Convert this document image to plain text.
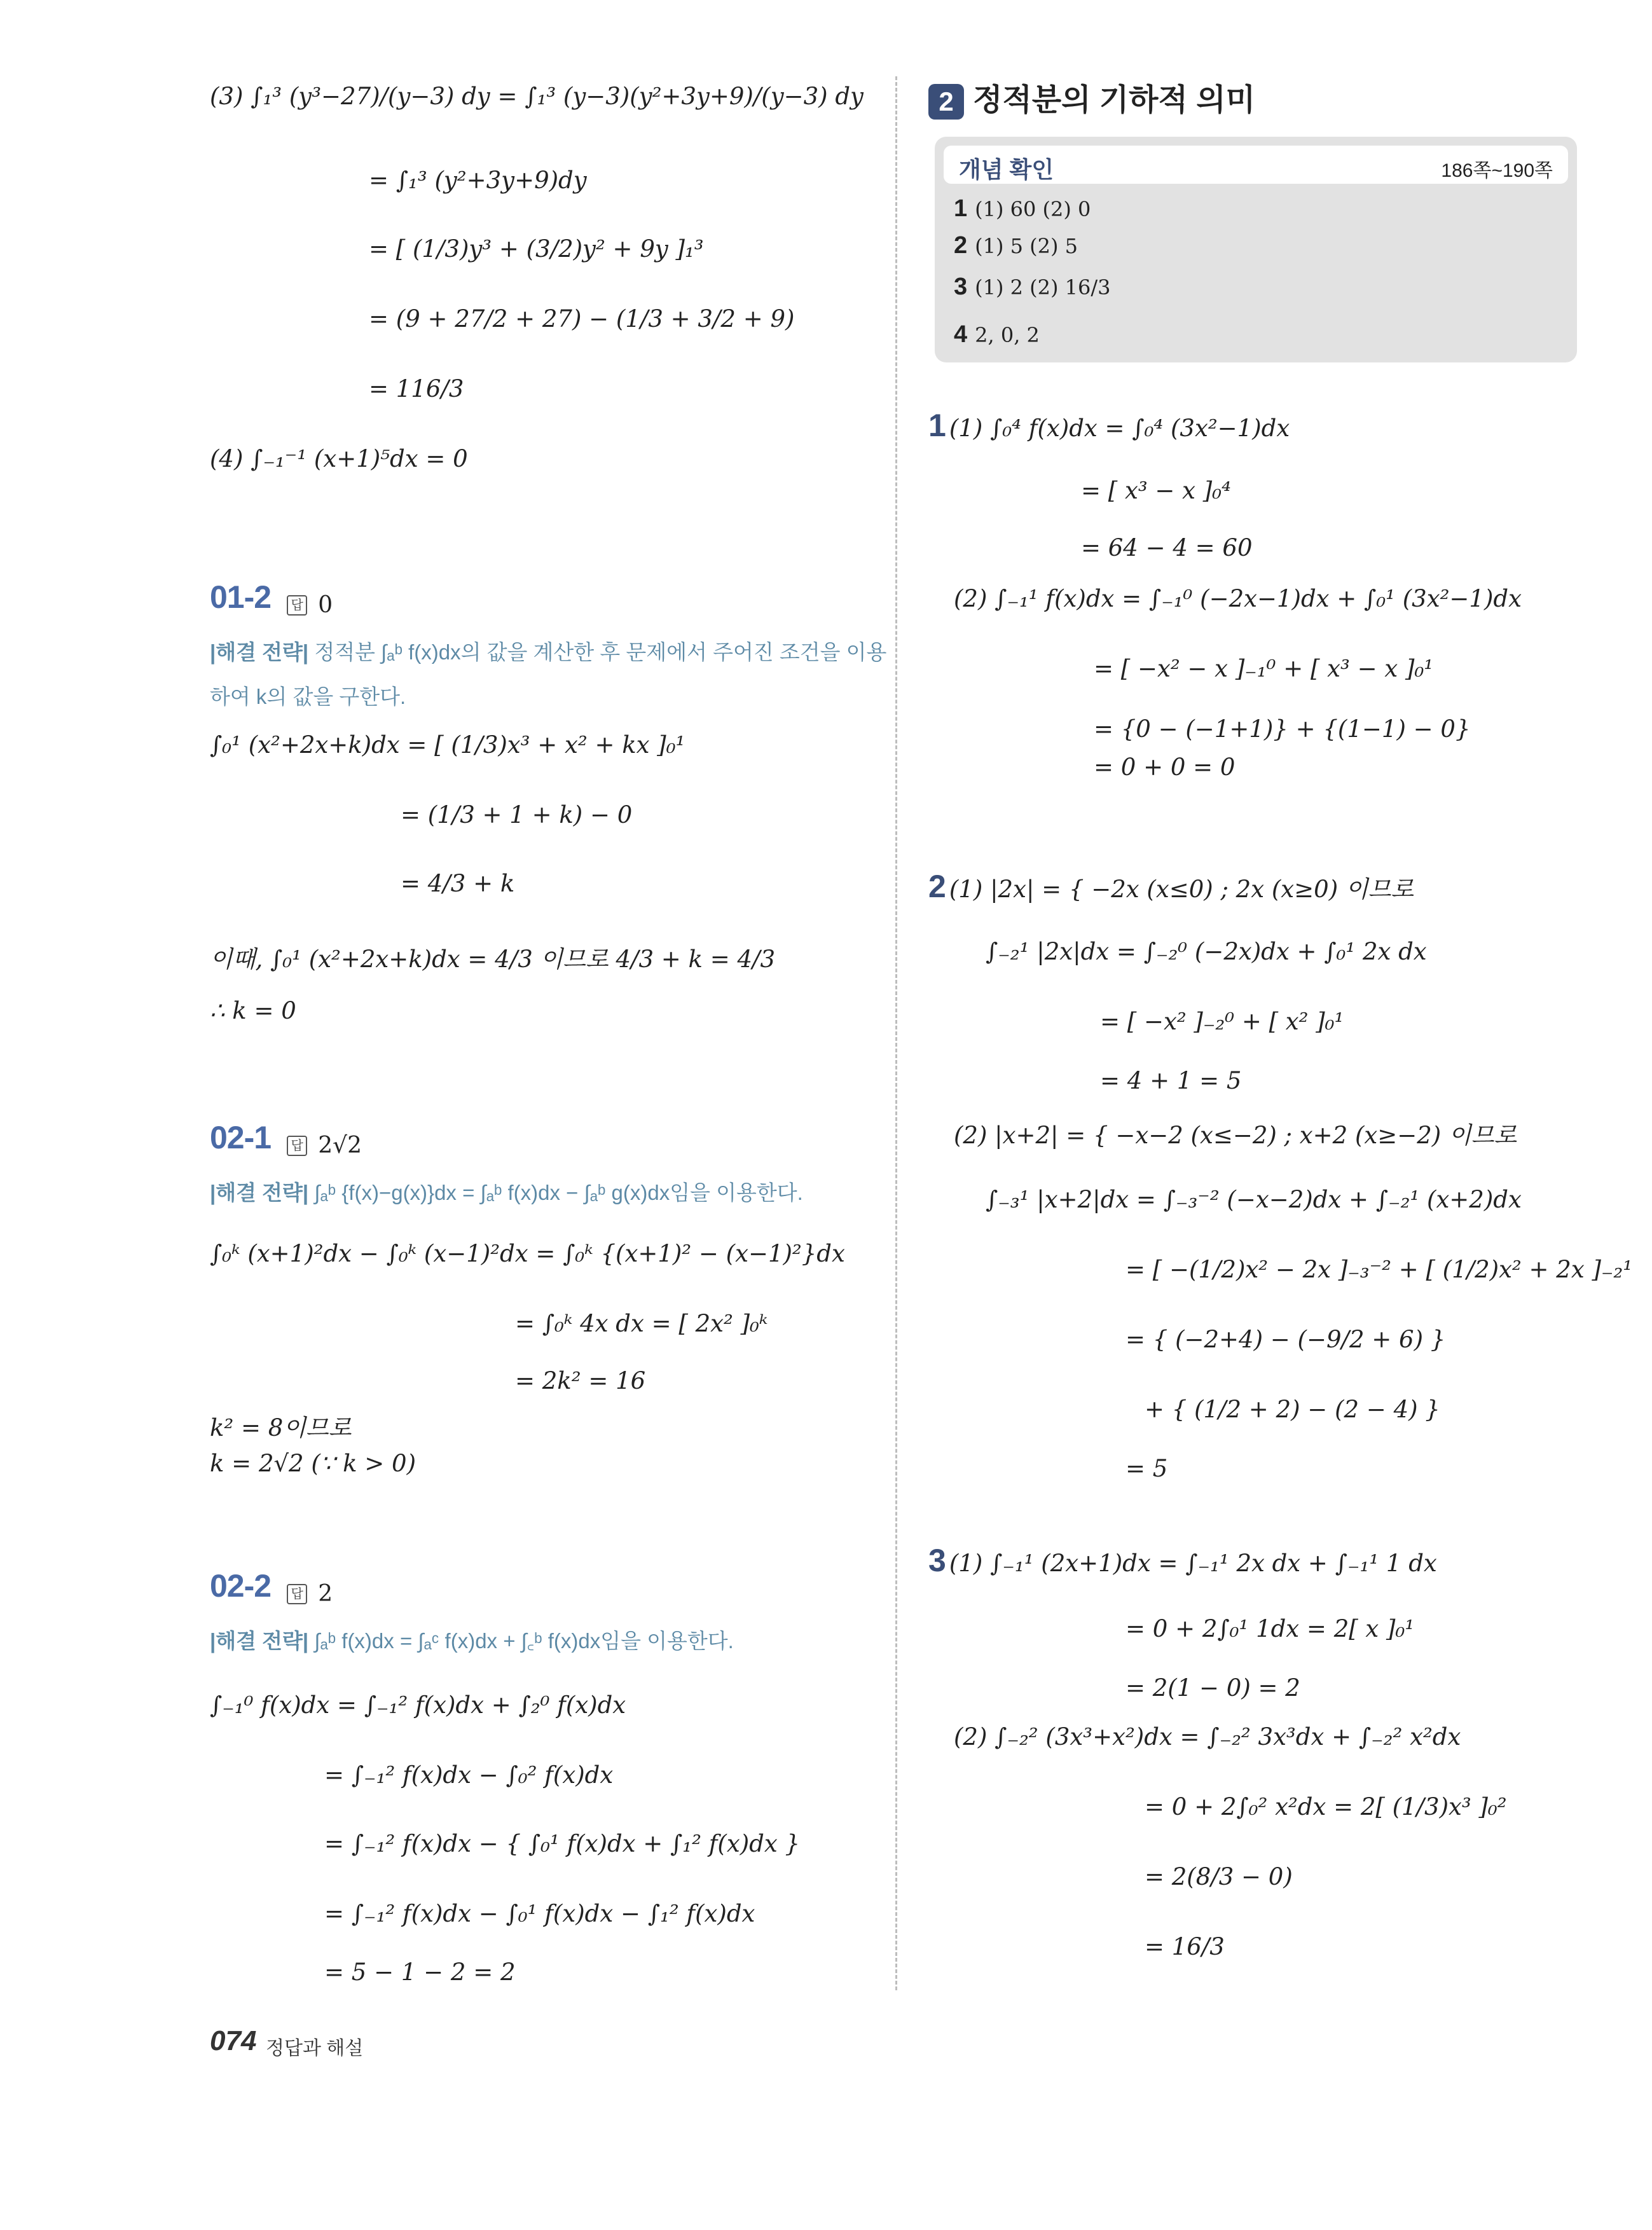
(3) ∫₁³ (y³−27)/(y−3) dy = ∫₁³ (y−3)(y²+3y+9)/(y−3) dy
= ∫₁³ (y²+3y+9)dy
= [ (1/3)y³ + (3/2)y² + 9y ]₁³
= (9 + 27/2 + 27) − (1/3 + 3/2 + 9)
= 116/3
(4) ∫₋₁⁻¹ (x+1)⁵dx = 0
01-2 답 0
|해결 전략| 정적분 ∫ₐᵇ f(x)dx의 값을 계산한 후 문제에서 주어진 조건을 이용
하여 k의 값을 구한다.
∫₀¹ (x²+2x+k)dx = [ (1/3)x³ + x² + kx ]₀¹
= (1/3 + 1 + k) − 0
= 4/3 + k
이때, ∫₀¹ (x²+2x+k)dx = 4/3 이므로 4/3 + k = 4/3
∴ k = 0
02-1 답 2√2
|해결 전략| ∫ₐᵇ {f(x)−g(x)}dx = ∫ₐᵇ f(x)dx − ∫ₐᵇ g(x)dx임을 이용한다.
∫₀ᵏ (x+1)²dx − ∫₀ᵏ (x−1)²dx = ∫₀ᵏ {(x+1)² − (x−1)²}dx
= ∫₀ᵏ 4x dx = [ 2x² ]₀ᵏ
= 2k² = 16
k² = 8이므로
k = 2√2 (∵ k > 0)
02-2 답 2
|해결 전략| ∫ₐᵇ f(x)dx = ∫ₐᶜ f(x)dx + ∫꜀ᵇ f(x)dx임을 이용한다.
∫₋₁⁰ f(x)dx = ∫₋₁² f(x)dx + ∫₂⁰ f(x)dx
= ∫₋₁² f(x)dx − ∫₀² f(x)dx
= ∫₋₁² f(x)dx − { ∫₀¹ f(x)dx + ∫₁² f(x)dx }
= ∫₋₁² f(x)dx − ∫₀¹ f(x)dx − ∫₁² f(x)dx
= 5 − 1 − 2 = 2
2 정적분의 기하적 의미
개념 확인	186쪽~190쪽
1 (1) 60 (2) 0
2 (1) 5 (2) 5
3 (1) 2 (2) 16/3
4 2, 0, 2
1 (1) ∫₀⁴ f(x)dx = ∫₀⁴ (3x²−1)dx
= [ x³ − x ]₀⁴
= 64 − 4 = 60
(2) ∫₋₁¹ f(x)dx = ∫₋₁⁰ (−2x−1)dx + ∫₀¹ (3x²−1)dx
= [ −x² − x ]₋₁⁰ + [ x³ − x ]₀¹
= {0 − (−1+1)} + {(1−1) − 0}
= 0 + 0 = 0
2 (1) |2x| = { −2x (x≤0) ; 2x (x≥0) 이므로
∫₋₂¹ |2x|dx = ∫₋₂⁰ (−2x)dx + ∫₀¹ 2x dx
= [ −x² ]₋₂⁰ + [ x² ]₀¹
= 4 + 1 = 5
(2) |x+2| = { −x−2 (x≤−2) ; x+2 (x≥−2) 이므로
∫₋₃¹ |x+2|dx = ∫₋₃⁻² (−x−2)dx + ∫₋₂¹ (x+2)dx
= [ −(1/2)x² − 2x ]₋₃⁻² + [ (1/2)x² + 2x ]₋₂¹
= { (−2+4) − (−9/2 + 6) }
+ { (1/2 + 2) − (2 − 4) }
= 5
3 (1) ∫₋₁¹ (2x+1)dx = ∫₋₁¹ 2x dx + ∫₋₁¹ 1 dx
= 0 + 2∫₀¹ 1dx = 2[ x ]₀¹
= 2(1 − 0) = 2
(2) ∫₋₂² (3x³+x²)dx = ∫₋₂² 3x³dx + ∫₋₂² x²dx
= 0 + 2∫₀² x²dx = 2[ (1/3)x³ ]₀²
= 2(8/3 − 0)
= 16/3
074 정답과 해설
